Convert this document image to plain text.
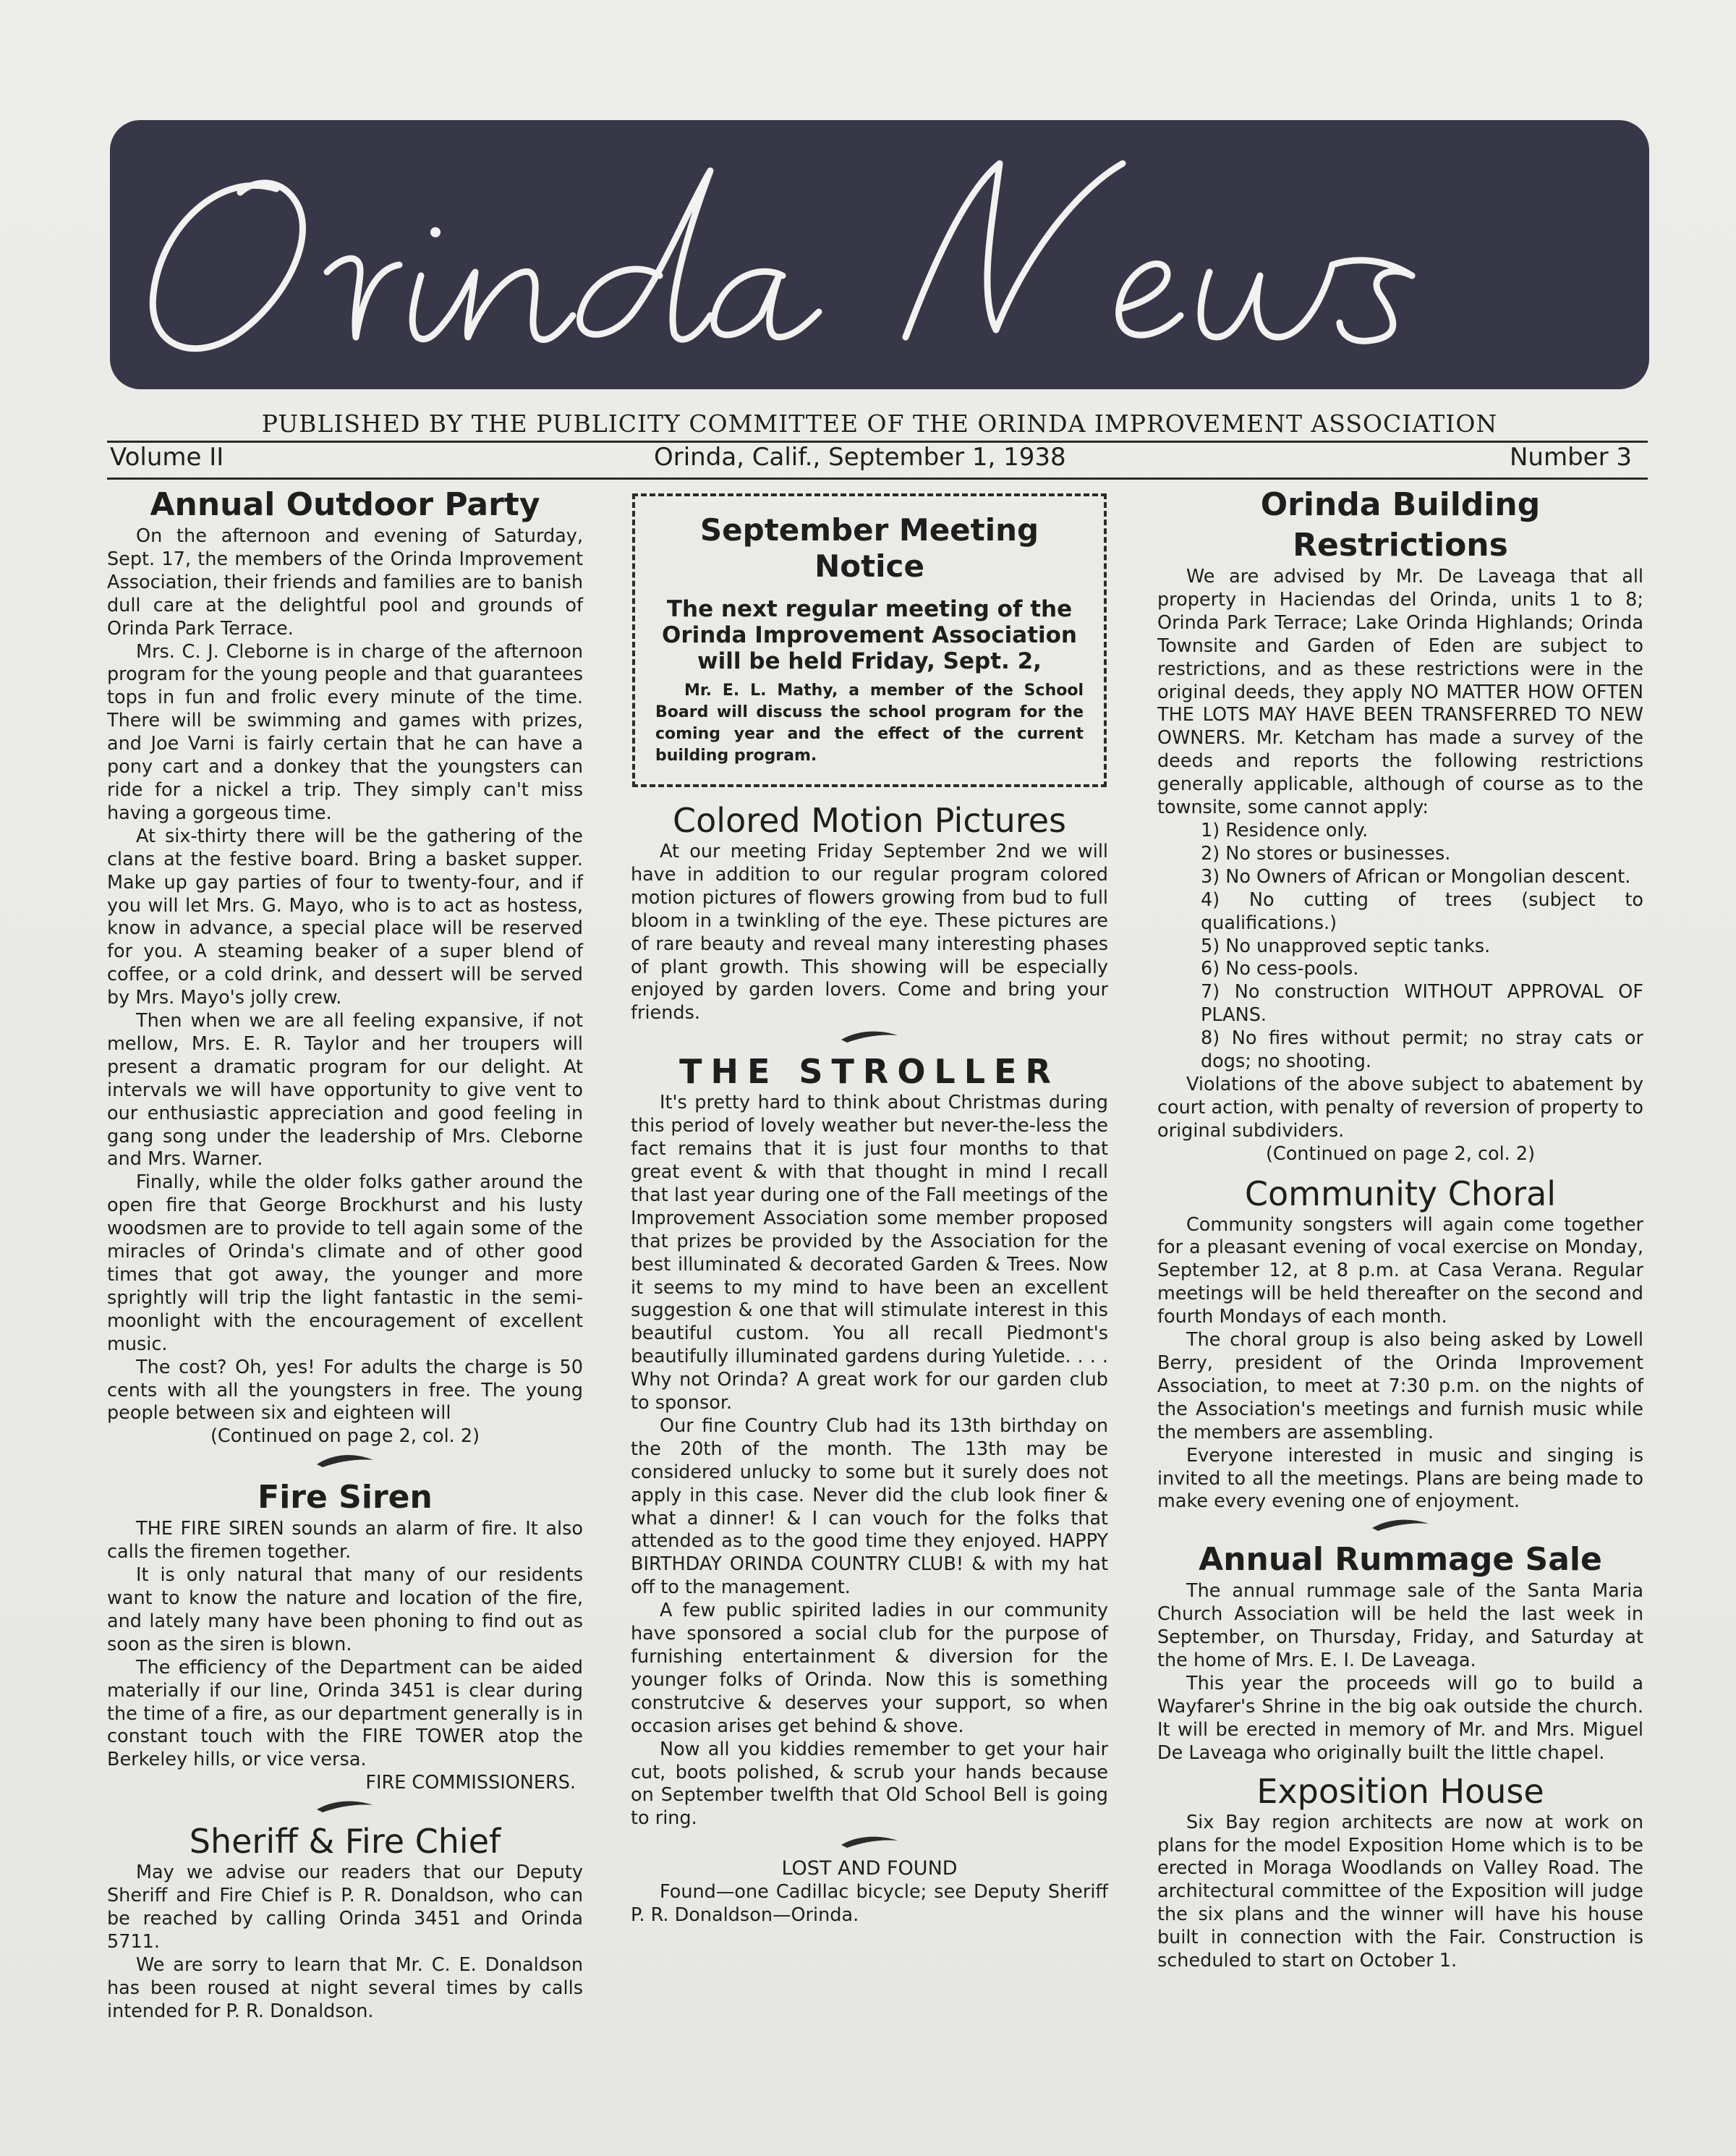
PUBLISHED BY THE PUBLICITY COMMITTEE OF THE ORINDA IMPROVEMENT ASSOCIATION
Volume II	Orinda, Calif., September 1, 1938	Number 3
Annual Outdoor Party

On the afternoon and evening of Saturday, Sept. 17, the members of the Orinda Improvement Association, their friends and families are to banish dull care at the delightful pool and grounds of Orinda Park Terrace.

Mrs. C. J. Cleborne is in charge of the afternoon program for the young people and that guarantees tops in fun and frolic every minute of the time. There will be swimming and games with prizes, and Joe Varni is fairly certain that he can have a pony cart and a donkey that the youngsters can ride for a nickel a trip. They simply can't miss having a gorgeous time.

At six-thirty there will be the gathering of the clans at the festive board. Bring a basket supper. Make up gay parties of four to twenty-four, and if you will let Mrs. G. Mayo, who is to act as hostess, know in advance, a special place will be reserved for you. A steaming beaker of a super blend of coffee, or a cold drink, and dessert will be served by Mrs. Mayo's jolly crew.

Then when we are all feeling expansive, if not mellow, Mrs. E. R. Taylor and her troupers will present a dramatic program for our delight. At intervals we will have opportunity to give vent to our enthusiastic appreciation and good feeling in gang song under the leadership of Mrs. Cleborne and Mrs. Warner.

Finally, while the older folks gather around the open fire that George Brockhurst and his lusty woodsmen are to provide to tell again some of the miracles of Orinda's climate and of other good times that got away, the younger and more sprightly will trip the light fantastic in the semi-moonlight with the encouragement of excellent music.

The cost? Oh, yes! For adults the charge is 50 cents with all the youngsters in free. The young people between six and eighteen will

(Continued on page 2, col. 2)
Fire Siren

THE FIRE SIREN sounds an alarm of fire. It also calls the firemen together.

It is only natural that many of our residents want to know the nature and location of the fire, and lately many have been phoning to find out as soon as the siren is blown.

The efficiency of the Department can be aided materially if our line, Orinda 3451 is clear during the time of a fire, as our department generally is in constant touch with the FIRE TOWER atop the Berkeley hills, or vice versa.

FIRE COMMISSIONERS.
Sheriff & Fire Chief

May we advise our readers that our Deputy Sheriff and Fire Chief is P. R. Donaldson, who can be reached by calling Orinda 3451 and Orinda 5711.

We are sorry to learn that Mr. C. E. Donaldson has been roused at night several times by calls intended for P. R. Donaldson.

September Meeting Notice
The next regular meeting of the Orinda Improvement Association will be held Friday, Sept. 2,
Mr. E. L. Mathy, a member of the School Board will discuss the school program for the coming year and the effect of the current building program.
Colored Motion Pictures

At our meeting Friday September 2nd we will have in addition to our regular program colored motion pictures of flowers growing from bud to full bloom in a twinkling of the eye. These pictures are of rare beauty and reveal many interesting phases of plant growth. This showing will be especially enjoyed by garden lovers. Come and bring your friends.

THE STROLLER

It's pretty hard to think about Christmas during this period of lovely weather but never-the-less the fact remains that it is just four months to that great event & with that thought in mind I recall that last year during one of the Fall meetings of the Improvement Association some member proposed that prizes be provided by the Association for the best illuminated & decorated Garden & Trees. Now it seems to my mind to have been an excellent suggestion & one that will stimulate interest in this beautiful custom. You all recall Piedmont's beautifully illuminated gardens during Yuletide. . . . Why not Orinda? A great work for our garden club to sponsor.

Our fine Country Club had its 13th birthday on the 20th of the month. The 13th may be considered unlucky to some but it surely does not apply in this case. Never did the club look finer & what a dinner! & I can vouch for the folks that attended as to the good time they enjoyed. HAPPY BIRTHDAY ORINDA COUNTRY CLUB! & with my hat off to the management.

A few public spirited ladies in our community have sponsored a social club for the purpose of furnishing entertainment & diversion for the younger folks of Orinda. Now this is something construtcive & deserves your support, so when occasion arises get behind & shove.

Now all you kiddies remember to get your hair cut, boots polished, & scrub your hands because on September twelfth that Old School Bell is going to ring.

LOST AND FOUND

Found—one Cadillac bicycle; see Deputy Sheriff P. R. Donaldson—Orinda.

Orinda Building Restrictions

We are advised by Mr. De Laveaga that all property in Haciendas del Orinda, units 1 to 8; Orinda Park Terrace; Lake Orinda Highlands; Orinda Townsite and Garden of Eden are subject to restrictions, and as these restrictions were in the original deeds, they apply NO MATTER HOW OFTEN THE LOTS MAY HAVE BEEN TRANSFERRED TO NEW OWNERS. Mr. Ketcham has made a survey of the deeds and reports the following restrictions generally applicable, although of course as to the townsite, some cannot apply:

1) Residence only.
2) No stores or businesses.
3) No Owners of African or Mongolian descent.
4) No cutting of trees (subject to qualifications.)
5) No unapproved septic tanks.
6) No cess-pools.
7) No construction WITHOUT APPROVAL OF PLANS.
8) No fires without permit; no stray cats or dogs; no shooting.

Violations of the above subject to abatement by court action, with penalty of reversion of property to original subdividers.

(Continued on page 2, col. 2)
Community Choral

Community songsters will again come together for a pleasant evening of vocal exercise on Monday, September 12, at 8 p.m. at Casa Verana. Regular meetings will be held thereafter on the second and fourth Mondays of each month.

The choral group is also being asked by Lowell Berry, president of the Orinda Improvement Association, to meet at 7:30 p.m. on the nights of the Association's meetings and furnish music while the members are assembling.

Everyone interested in music and singing is invited to all the meetings. Plans are being made to make every evening one of enjoyment.

Annual Rummage Sale

The annual rummage sale of the Santa Maria Church Association will be held the last week in September, on Thursday, Friday, and Saturday at the home of Mrs. E. I. De Laveaga.

This year the proceeds will go to build a Wayfarer's Shrine in the big oak outside the church. It will be erected in memory of Mr. and Mrs. Miguel De Laveaga who originally built the little chapel.

Exposition House

Six Bay region architects are now at work on plans for the model Exposition Home which is to be erected in Moraga Woodlands on Valley Road. The architectural committee of the Exposition will judge the six plans and the winner will have his house built in connection with the Fair. Construction is scheduled to start on October 1.
